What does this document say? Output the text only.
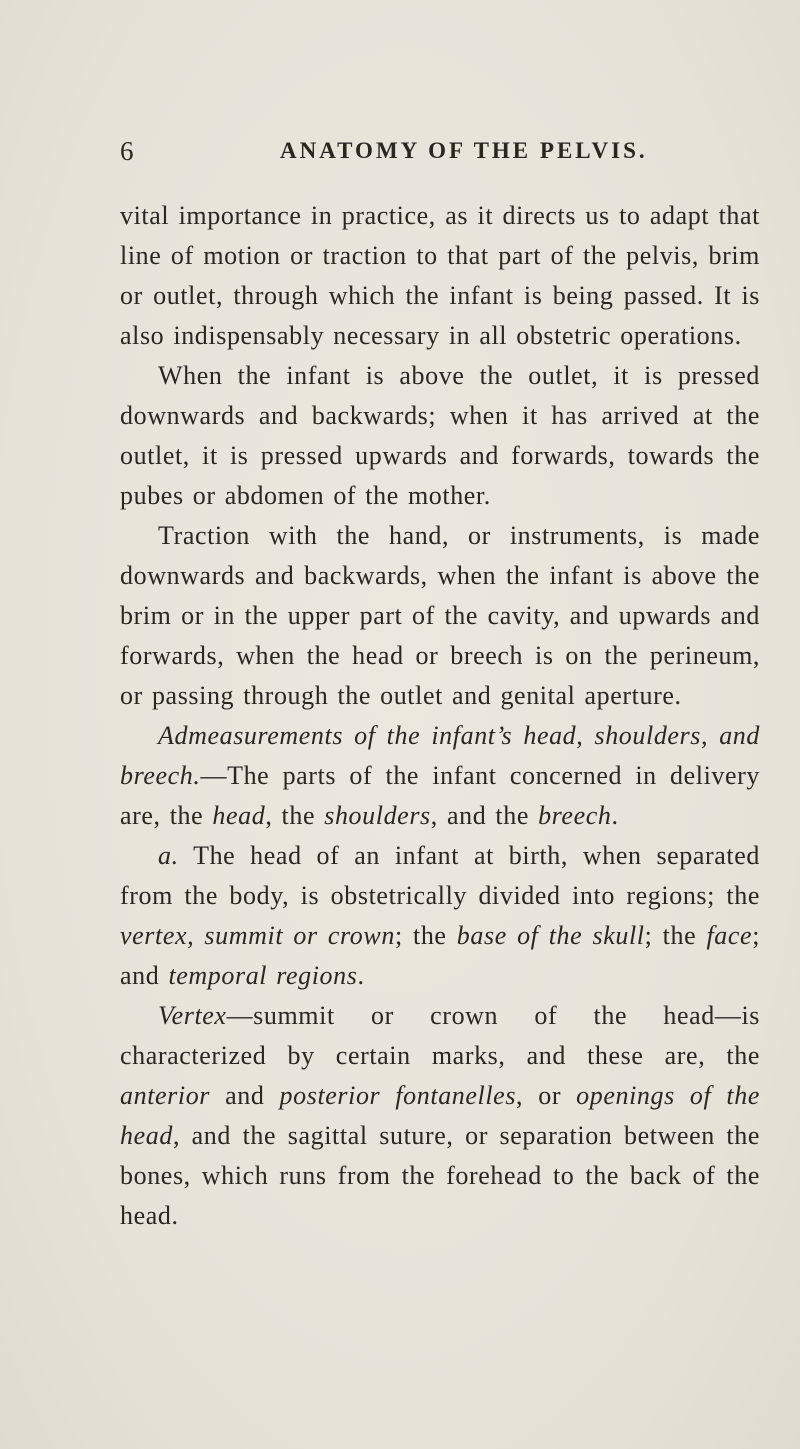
6	ANATOMY OF THE PELVIS.

vital importance in practice, as it directs us to adapt that line of motion or traction to that part of the pelvis, brim or outlet, through which the infant is being passed. It is also indispensably necessary in all obstetric operations.

When the infant is above the outlet, it is pressed downwards and backwards; when it has arrived at the outlet, it is pressed upwards and forwards, towards the pubes or abdomen of the mother.

Traction with the hand, or instruments, is made downwards and backwards, when the infant is above the brim or in the upper part of the cavity, and upwards and forwards, when the head or breech is on the perineum, or passing through the outlet and genital aperture.

Admeasurements of the infant’s head, shoulders, and breech.—The parts of the infant concerned in delivery are, the head, the shoulders, and the breech.

a. The head of an infant at birth, when separated from the body, is obstetrically divided into regions; the vertex, summit or crown; the base of the skull; the face; and temporal regions.

Vertex—summit or crown of the head—is characterized by certain marks, and these are, the anterior and posterior fontanelles, or openings of the head, and the sagittal suture, or separation between the bones, which runs from the forehead to the back of the head.
